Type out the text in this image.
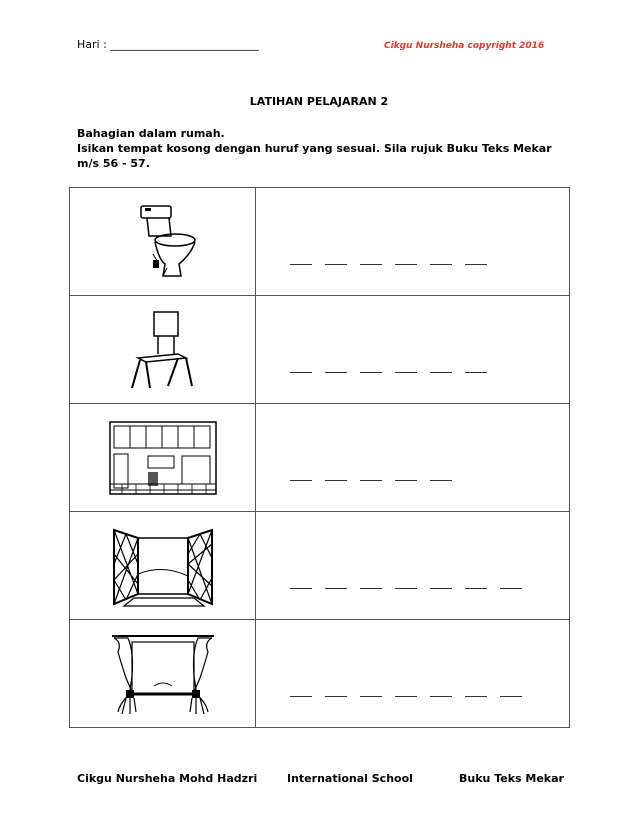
Hari : ___________________________	Cikgu Nursheha copyright 2016
LATIHAN PELAJARAN 2
Bahagian dalam rumah.
Isikan tempat kosong dengan huruf yang sesuai. Sila rujuk Buku Teks Mekar m/s 56 - 57.

Cikgu Nursheha Mohd Hadzri	International School	Buku Teks Mekar
